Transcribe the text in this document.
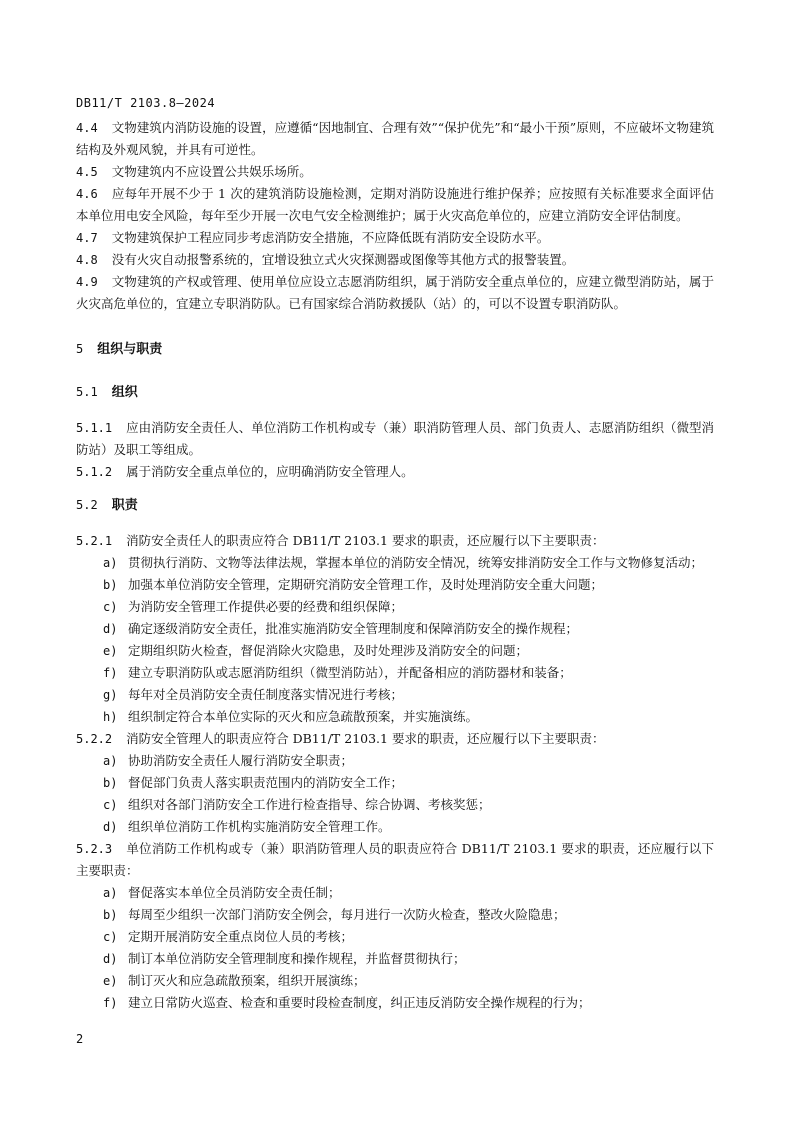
DB11/T 2103.8—2024

4.4 文物建筑内消防设施的设置，应遵循“因地制宜、合理有效”“保护优先”和“最小干预”原则，不应破坏文物建筑结构及外观风貌，并具有可逆性。

4.5 文物建筑内不应设置公共娱乐场所。

4.6 应每年开展不少于 1 次的建筑消防设施检测，定期对消防设施进行维护保养；应按照有关标准要求全面评估本单位用电安全风险，每年至少开展一次电气安全检测维护；属于火灾高危单位的，应建立消防安全评估制度。

4.7 文物建筑保护工程应同步考虑消防安全措施，不应降低既有消防安全设防水平。

4.8 没有火灾自动报警系统的，宜增设独立式火灾探测器或图像等其他方式的报警装置。

4.9 文物建筑的产权或管理、使用单位应设立志愿消防组织，属于消防安全重点单位的，应建立微型消防站，属于火灾高危单位的，宜建立专职消防队。已有国家综合消防救援队（站）的，可以不设置专职消防队。

5 组织与职责
5.1 组织

5.1.1 应由消防安全责任人、单位消防工作机构或专（兼）职消防管理人员、部门负责人、志愿消防组织（微型消防站）及职工等组成。

5.1.2 属于消防安全重点单位的，应明确消防安全管理人。

5.2 职责

5.2.1 消防安全责任人的职责应符合 DB11/T 2103.1 要求的职责，还应履行以下主要职责：

a) 贯彻执行消防、文物等法律法规，掌握本单位的消防安全情况，统筹安排消防安全工作与文物修复活动；
b) 加强本单位消防安全管理，定期研究消防安全管理工作，及时处理消防安全重大问题；
c) 为消防安全管理工作提供必要的经费和组织保障；
d) 确定逐级消防安全责任，批准实施消防安全管理制度和保障消防安全的操作规程；
e) 定期组织防火检查，督促消除火灾隐患，及时处理涉及消防安全的问题；
f) 建立专职消防队或志愿消防组织（微型消防站），并配备相应的消防器材和装备；
g) 每年对全员消防安全责任制度落实情况进行考核；
h) 组织制定符合本单位实际的灭火和应急疏散预案，并实施演练。

5.2.2 消防安全管理人的职责应符合 DB11/T 2103.1 要求的职责，还应履行以下主要职责：

a) 协助消防安全责任人履行消防安全职责；
b) 督促部门负责人落实职责范围内的消防安全工作；
c) 组织对各部门消防安全工作进行检查指导、综合协调、考核奖惩；
d) 组织单位消防工作机构实施消防安全管理工作。

5.2.3 单位消防工作机构或专（兼）职消防管理人员的职责应符合 DB11/T 2103.1 要求的职责，还应履行以下主要职责：

a) 督促落实本单位全员消防安全责任制；
b) 每周至少组织一次部门消防安全例会，每月进行一次防火检查，整改火险隐患；
c) 定期开展消防安全重点岗位人员的考核；
d) 制订本单位消防安全管理制度和操作规程，并监督贯彻执行；
e) 制订灭火和应急疏散预案，组织开展演练；
f) 建立日常防火巡查、检查和重要时段检查制度，纠正违反消防安全操作规程的行为；
2
